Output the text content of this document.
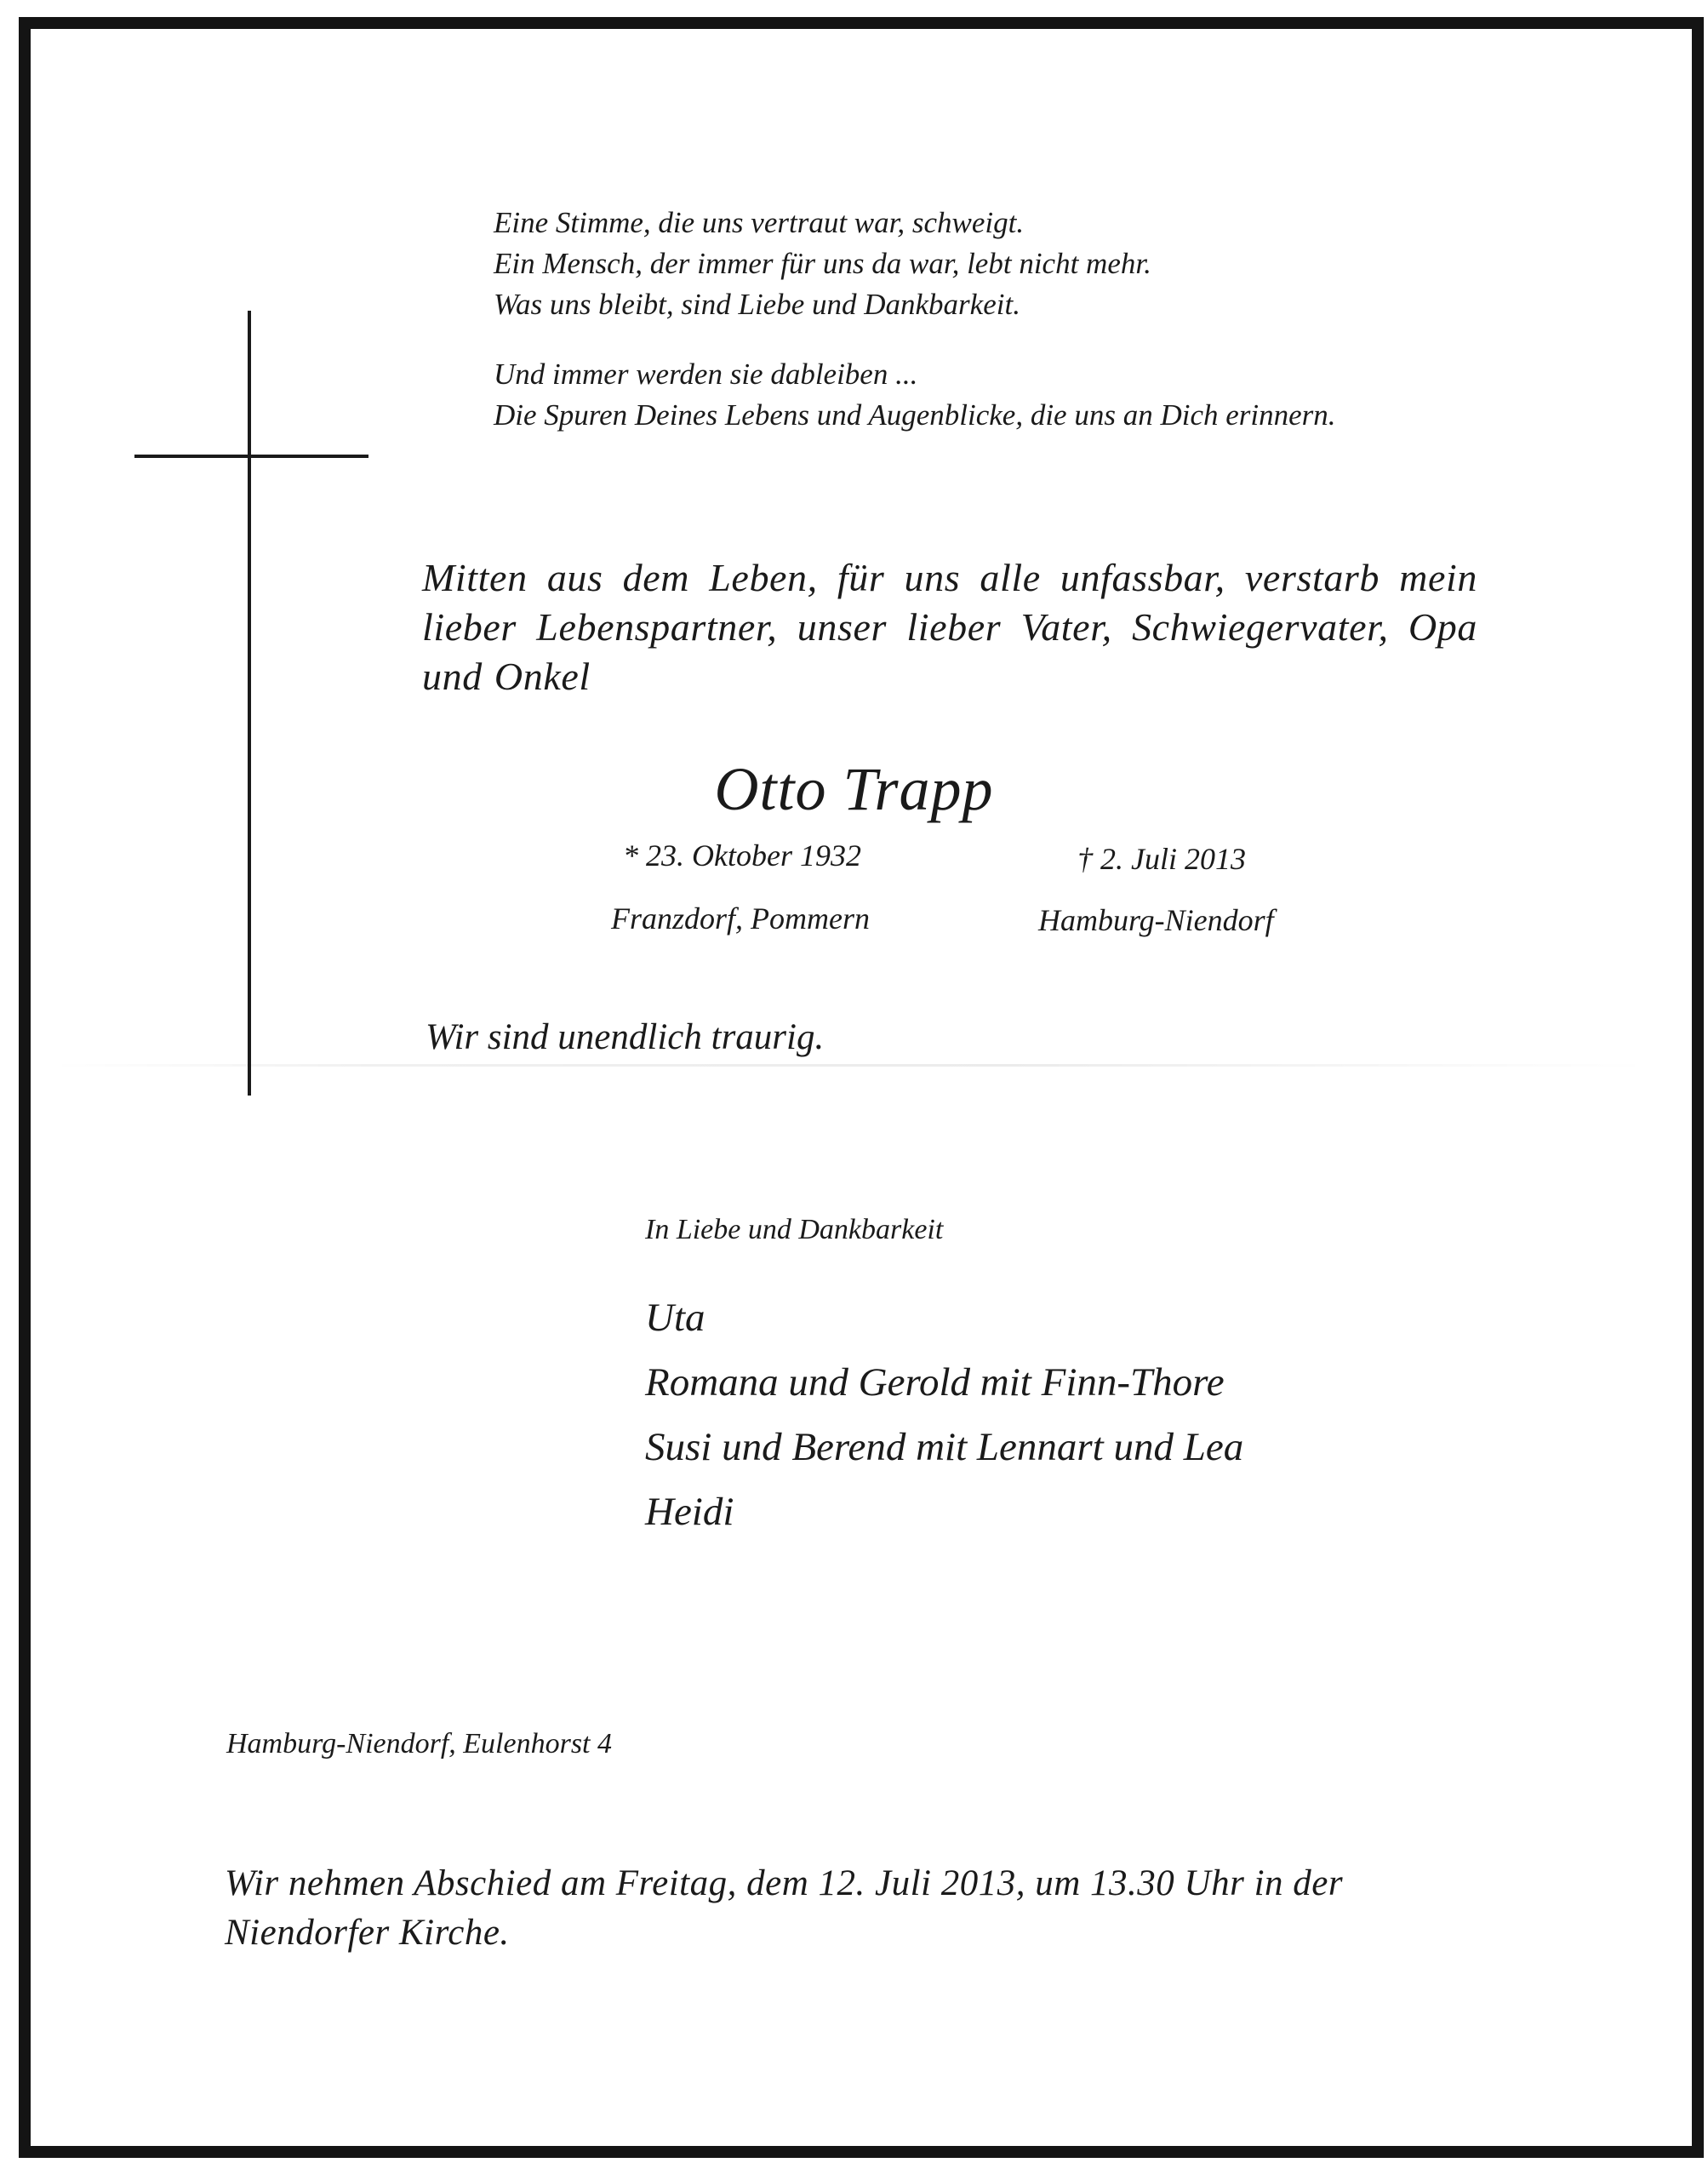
Eine Stimme, die uns vertraut war, schweigt.
Ein Mensch, der immer für uns da war, lebt nicht mehr.
Was uns bleibt, sind Liebe und Dankbarkeit.
Und immer werden sie dableiben ...
Die Spuren Deines Lebens und Augenblicke, die uns an Dich erinnern.
Mitten aus dem Leben, für uns alle unfassbar, verstarb mein lieber Lebenspartner, unser lieber Vater, Schwiegervater, Opa und Onkel
Otto Trapp
* 23. Oktober 1932	† 2. Juli 2013
Franzdorf, Pommern	Hamburg-Niendorf
Wir sind unendlich traurig.
In Liebe und Dankbarkeit
Uta
Romana und Gerold mit Finn-Thore
Susi und Berend mit Lennart und Lea
Heidi
Hamburg-Niendorf, Eulenhorst 4
Wir nehmen Abschied am Freitag, dem 12. Juli 2013, um 13.30 Uhr in der Niendorfer Kirche.
